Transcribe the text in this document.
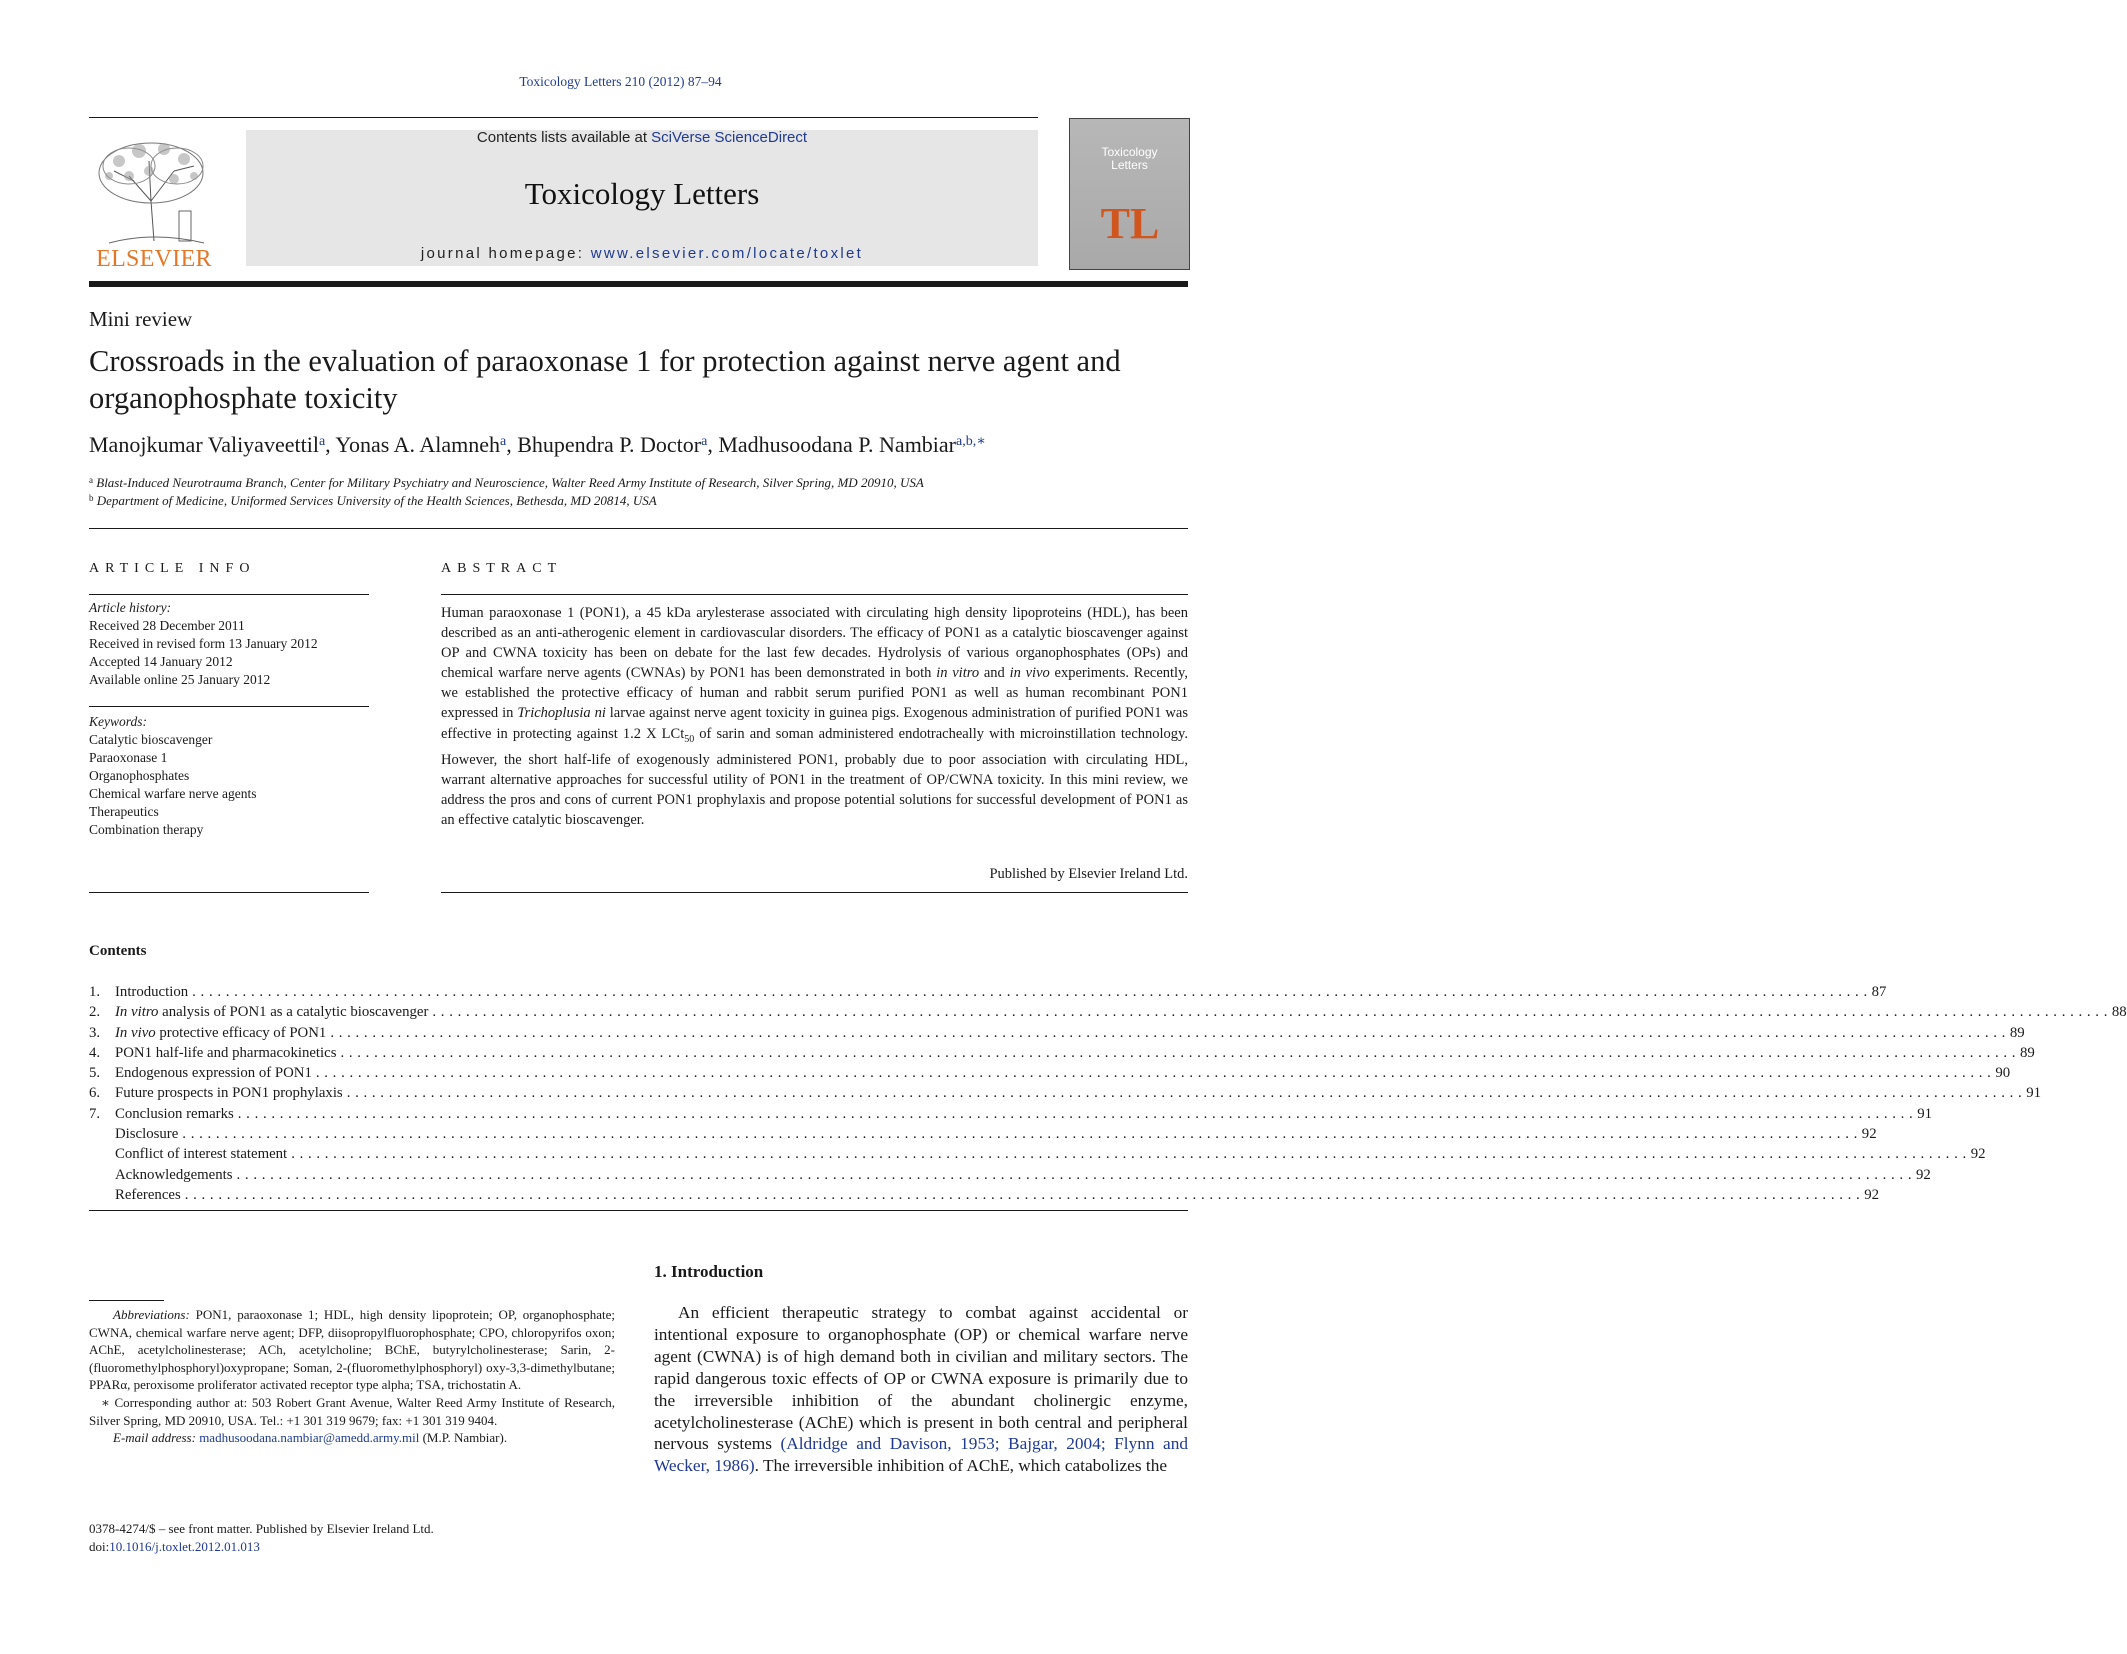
Toxicology Letters 210 (2012) 87–94
ELSEVIER
Contents lists available at SciVerse ScienceDirect
Toxicology Letters
journal homepage: www.elsevier.com/locate/toxlet
Toxicology
Letters
TL
Mini review
Crossroads in the evaluation of paraoxonase 1 for protection against nerve agent and organophosphate toxicity
Manojkumar Valiyaveettil$^a$, Yonas A. Alamneh$^a$, Bhupendra P. Doctor$^a$, Madhusoodana P. Nambiar$^{a,b,∗}$
$^a$ Blast-Induced Neurotrauma Branch, Center for Military Psychiatry and Neuroscience, Walter Reed Army Institute of Research, Silver Spring, MD 20910, USA
$^b$ Department of Medicine, Uniformed Services University of the Health Sciences, Bethesda, MD 20814, USA
ARTICLE INFO
Article history:
Received 28 December 2011
Received in revised form 13 January 2012
Accepted 14 January 2012
Available online 25 January 2012
Keywords:
Catalytic bioscavenger
Paraoxonase 1
Organophosphates
Chemical warfare nerve agents
Therapeutics
Combination therapy
ABSTRACT
Human paraoxonase 1 (PON1), a 45 kDa arylesterase associated with circulating high density lipoproteins (HDL), has been described as an anti-atherogenic element in cardiovascular disorders. The efficacy of PON1 as a catalytic bioscavenger against OP and CWNA toxicity has been on debate for the last few decades. Hydrolysis of various organophosphates (OPs) and chemical warfare nerve agents (CWNAs) by PON1 has been demonstrated in both in vitro and in vivo experiments. Recently, we established the protective efficacy of human and rabbit serum purified PON1 as well as human recombinant PON1 expressed in Trichoplusia ni larvae against nerve agent toxicity in guinea pigs. Exogenous administration of purified PON1 was effective in protecting against 1.2 X LCt$_{50}$ of sarin and soman administered endotracheally with microinstillation technology. However, the short half-life of exogenously administered PON1, probably due to poor association with circulating HDL, warrant alternative approaches for successful utility of PON1 in the treatment of OP/CWNA toxicity. In this mini review, we address the pros and cons of current PON1 prophylaxis and propose potential solutions for successful development of PON1 as an effective catalytic bioscavenger.
Published by Elsevier Ireland Ltd.
Contents
1.	Introduction . . . . . . . . . . . . . . . . . . . . . . . . . . . . . . . . . . . . . . . . . . . . . . . . . . . . . . . . . . . . . . . . . . . . . . . . . . . . . . . . . . . . . . . . . . . . . . . . . . . . . . . . . . . . . . . . . . . . . . . . . . . . . . . . . . . . . . . . . . . . . . . . . . . . . . . . . . . . . . . . . . . . . . . . . . . . . . . . . . . . . . . . . . . . . . . . . . . . . . . . 87
2.	In vitro analysis of PON1 as a catalytic bioscavenger . . . . . . . . . . . . . . . . . . . . . . . . . . . . . . . . . . . . . . . . . . . . . . . . . . . . . . . . . . . . . . . . . . . . . . . . . . . . . . . . . . . . . . . . . . . . . . . . . . . . . . . . . . . . . . . . . . . . . . . . . . . . . . . . . . . . . . . . . . . . . . . . . . . . . . . . . . . . . . . . . . . . . . . . . . . . . . . . . . . . . . . . . . . . . . . . . . . . . . . . 88
3.	In vivo protective efficacy of PON1 . . . . . . . . . . . . . . . . . . . . . . . . . . . . . . . . . . . . . . . . . . . . . . . . . . . . . . . . . . . . . . . . . . . . . . . . . . . . . . . . . . . . . . . . . . . . . . . . . . . . . . . . . . . . . . . . . . . . . . . . . . . . . . . . . . . . . . . . . . . . . . . . . . . . . . . . . . . . . . . . . . . . . . . . . . . . . . . . . . . . . . . . . . . . . . . . . . . . . . . . 89
4.	PON1 half-life and pharmacokinetics . . . . . . . . . . . . . . . . . . . . . . . . . . . . . . . . . . . . . . . . . . . . . . . . . . . . . . . . . . . . . . . . . . . . . . . . . . . . . . . . . . . . . . . . . . . . . . . . . . . . . . . . . . . . . . . . . . . . . . . . . . . . . . . . . . . . . . . . . . . . . . . . . . . . . . . . . . . . . . . . . . . . . . . . . . . . . . . . . . . . . . . . . . . . . . . . . . . . . . . . 89
5.	Endogenous expression of PON1 . . . . . . . . . . . . . . . . . . . . . . . . . . . . . . . . . . . . . . . . . . . . . . . . . . . . . . . . . . . . . . . . . . . . . . . . . . . . . . . . . . . . . . . . . . . . . . . . . . . . . . . . . . . . . . . . . . . . . . . . . . . . . . . . . . . . . . . . . . . . . . . . . . . . . . . . . . . . . . . . . . . . . . . . . . . . . . . . . . . . . . . . . . . . . . . . . . . . . . . . 90
6.	Future prospects in PON1 prophylaxis . . . . . . . . . . . . . . . . . . . . . . . . . . . . . . . . . . . . . . . . . . . . . . . . . . . . . . . . . . . . . . . . . . . . . . . . . . . . . . . . . . . . . . . . . . . . . . . . . . . . . . . . . . . . . . . . . . . . . . . . . . . . . . . . . . . . . . . . . . . . . . . . . . . . . . . . . . . . . . . . . . . . . . . . . . . . . . . . . . . . . . . . . . . . . . . . . . . . . . . . 91
7.	Conclusion remarks . . . . . . . . . . . . . . . . . . . . . . . . . . . . . . . . . . . . . . . . . . . . . . . . . . . . . . . . . . . . . . . . . . . . . . . . . . . . . . . . . . . . . . . . . . . . . . . . . . . . . . . . . . . . . . . . . . . . . . . . . . . . . . . . . . . . . . . . . . . . . . . . . . . . . . . . . . . . . . . . . . . . . . . . . . . . . . . . . . . . . . . . . . . . . . . . . . . . . . . . 91
Disclosure . . . . . . . . . . . . . . . . . . . . . . . . . . . . . . . . . . . . . . . . . . . . . . . . . . . . . . . . . . . . . . . . . . . . . . . . . . . . . . . . . . . . . . . . . . . . . . . . . . . . . . . . . . . . . . . . . . . . . . . . . . . . . . . . . . . . . . . . . . . . . . . . . . . . . . . . . . . . . . . . . . . . . . . . . . . . . . . . . . . . . . . . . . . . . . . . . . . . . . . . 92
Conflict of interest statement . . . . . . . . . . . . . . . . . . . . . . . . . . . . . . . . . . . . . . . . . . . . . . . . . . . . . . . . . . . . . . . . . . . . . . . . . . . . . . . . . . . . . . . . . . . . . . . . . . . . . . . . . . . . . . . . . . . . . . . . . . . . . . . . . . . . . . . . . . . . . . . . . . . . . . . . . . . . . . . . . . . . . . . . . . . . . . . . . . . . . . . . . . . . . . . . . . . . . . . . 92
Acknowledgements . . . . . . . . . . . . . . . . . . . . . . . . . . . . . . . . . . . . . . . . . . . . . . . . . . . . . . . . . . . . . . . . . . . . . . . . . . . . . . . . . . . . . . . . . . . . . . . . . . . . . . . . . . . . . . . . . . . . . . . . . . . . . . . . . . . . . . . . . . . . . . . . . . . . . . . . . . . . . . . . . . . . . . . . . . . . . . . . . . . . . . . . . . . . . . . . . . . . . . . . 92
References . . . . . . . . . . . . . . . . . . . . . . . . . . . . . . . . . . . . . . . . . . . . . . . . . . . . . . . . . . . . . . . . . . . . . . . . . . . . . . . . . . . . . . . . . . . . . . . . . . . . . . . . . . . . . . . . . . . . . . . . . . . . . . . . . . . . . . . . . . . . . . . . . . . . . . . . . . . . . . . . . . . . . . . . . . . . . . . . . . . . . . . . . . . . . . . . . . . . . . . . 92
Abbreviations: PON1, paraoxonase 1; HDL, high density lipoprotein; OP, organophosphate; CWNA, chemical warfare nerve agent; DFP, diisopropylfluorophosphate; CPO, chloropyrifos oxon; AChE, acetylcholinesterase; ACh, acetylcholine; BChE, butyrylcholinesterase; Sarin, 2-(fluoromethylphosphoryl)oxypropane; Soman, 2-(fluoromethylphosphoryl) oxy-3,3-dimethylbutane; PPARα, peroxisome proliferator activated receptor type alpha; TSA, trichostatin A.
∗ Corresponding author at: 503 Robert Grant Avenue, Walter Reed Army Institute of Research, Silver Spring, MD 20910, USA. Tel.: +1 301 319 9679; fax: +1 301 319 9404.
E-mail address: madhusoodana.nambiar@amedd.army.mil (M.P. Nambiar).
0378-4274/$ – see front matter. Published by Elsevier Ireland Ltd.
doi:10.1016/j.toxlet.2012.01.013
1. Introduction
An efficient therapeutic strategy to combat against accidental or intentional exposure to organophosphate (OP) or chemical warfare nerve agent (CWNA) is of high demand both in civilian and military sectors. The rapid dangerous toxic effects of OP or CWNA exposure is primarily due to the irreversible inhibition of the abundant cholinergic enzyme, acetylcholinesterase (AChE) which is present in both central and peripheral nervous systems (Aldridge and Davison, 1953; Bajgar, 2004; Flynn and Wecker, 1986). The irreversible inhibition of AChE, which catabolizes the
